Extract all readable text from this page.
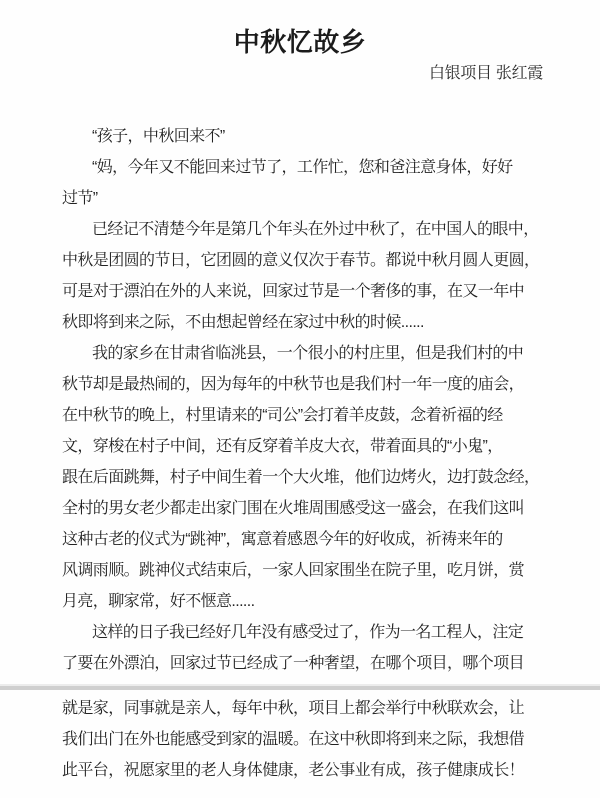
中秋忆故乡
白银项目 张红霞
“孩子，中秋回来不”
“妈，今年又不能回来过节了，工作忙，您和爸注意身体，好好
过节”
已经记不清楚今年是第几个年头在外过中秋了，在中国人的眼中，
中秋是团圆的节日，它团圆的意义仅次于春节。都说中秋月圆人更圆，
可是对于漂泊在外的人来说，回家过节是一个奢侈的事，在又一年中
秋即将到来之际，不由想起曾经在家过中秋的时候......
我的家乡在甘肃省临洮县，一个很小的村庄里，但是我们村的中
秋节却是最热闹的，因为每年的中秋节也是我们村一年一度的庙会，
在中秋节的晚上，村里请来的“司公”会打着羊皮鼓，念着祈福的经
文，穿梭在村子中间，还有反穿着羊皮大衣，带着面具的“小鬼”，
跟在后面跳舞，村子中间生着一个大火堆，他们边烤火，边打鼓念经，
全村的男女老少都走出家门围在火堆周围感受这一盛会，在我们这叫
这种古老的仪式为“跳神”，寓意着感恩今年的好收成，祈祷来年的
风调雨顺。跳神仪式结束后，一家人回家围坐在院子里，吃月饼，赏
月亮，聊家常，好不惬意......
这样的日子我已经好几年没有感受过了，作为一名工程人，注定
了要在外漂泊，回家过节已经成了一种奢望，在哪个项目，哪个项目
就是家，同事就是亲人，每年中秋，项目上都会举行中秋联欢会，让
我们出门在外也能感受到家的温暖。在这中秋即将到来之际，我想借
此平台，祝愿家里的老人身体健康，老公事业有成，孩子健康成长！
